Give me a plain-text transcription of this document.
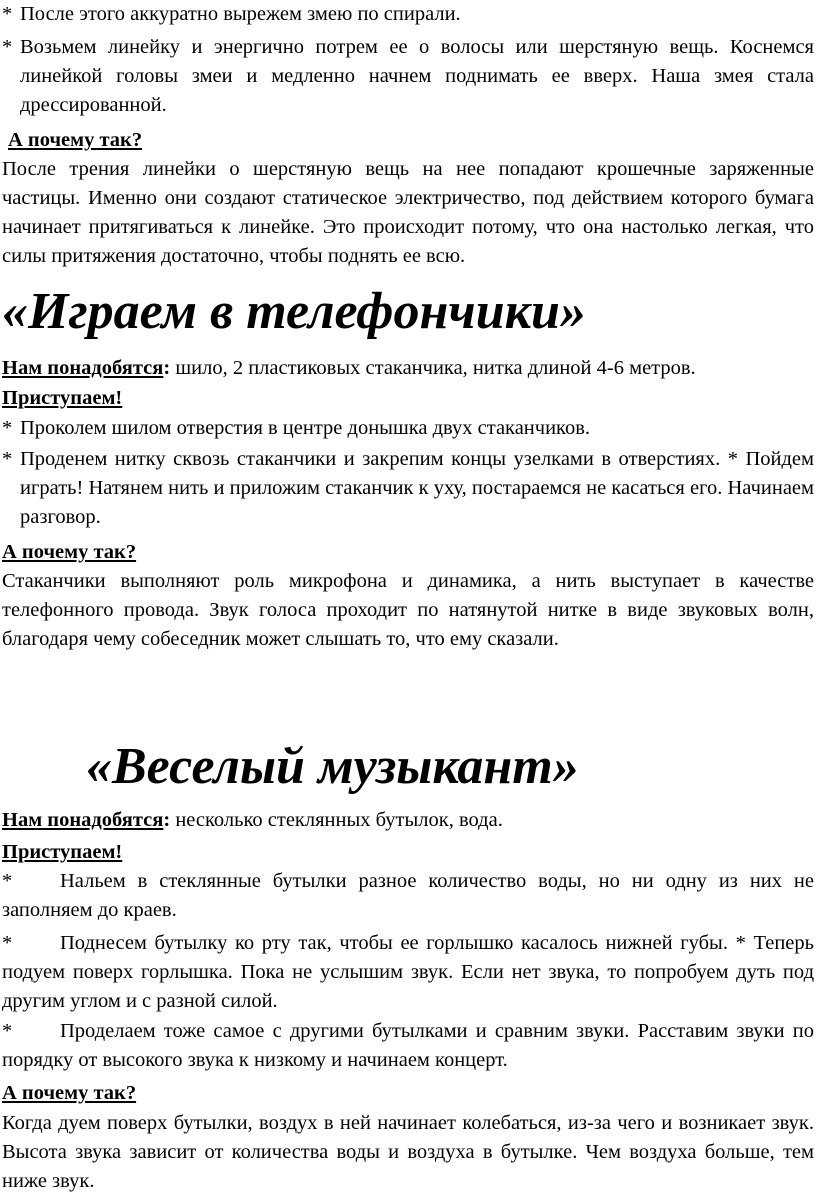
* После этого аккуратно вырежем змею по спирали.

* Возьмем линейку и энергично потрем ее о волосы или шерстяную вещь. Коснемся линейкой головы змеи и медленно начнем поднимать ее вверх. Наша змея стала дрессированной.

А почему так?

После трения линейки о шерстяную вещь на нее попадают крошечные заряженные частицы. Именно они создают статическое электричество, под действием которого бумага начинает притягиваться к линейке. Это происходит потому, что она настолько легкая, что силы притяжения достаточно, чтобы поднять ее всю.

«Играем в телефончики»

Нам понадобятся: шило, 2 пластиковых стаканчика, нитка длиной 4-6 метров.

Приступаем!

* Проколем шилом отверстия в центре донышка двух стаканчиков.

* Проденем нитку сквозь стаканчики и закрепим концы узелками в отверстиях. * Пойдем играть! Натянем нить и приложим стаканчик к уху, постараемся не касаться его. Начинаем разговор.

А почему так?

Стаканчики выполняют роль микрофона и динамика, а нить выступает в качестве телефонного провода. Звук голоса проходит по натянутой нитке в виде звуковых волн, благодаря чему собеседник может слышать то, что ему сказали.

«Веселый музыкант»

Нам понадобятся: несколько стеклянных бутылок, вода.

Приступаем!

* Нальем в стеклянные бутылки разное количество воды, но ни одну из них не заполняем до краев.

* Поднесем бутылку ко рту так, чтобы ее горлышко касалось нижней губы. * Теперь подуем поверх горлышка. Пока не услышим звук. Если нет звука, то попробуем дуть под другим углом и с разной силой.

* Проделаем тоже самое с другими бутылками и сравним звуки. Расставим звуки по порядку от высокого звука к низкому и начинаем концерт.

А почему так?

Когда дуем поверх бутылки, воздух в ней начинает колебаться, из-за чего и возникает звук. Высота звука зависит от количества воды и воздуха в бутылке. Чем воздуха больше, тем ниже звук.
